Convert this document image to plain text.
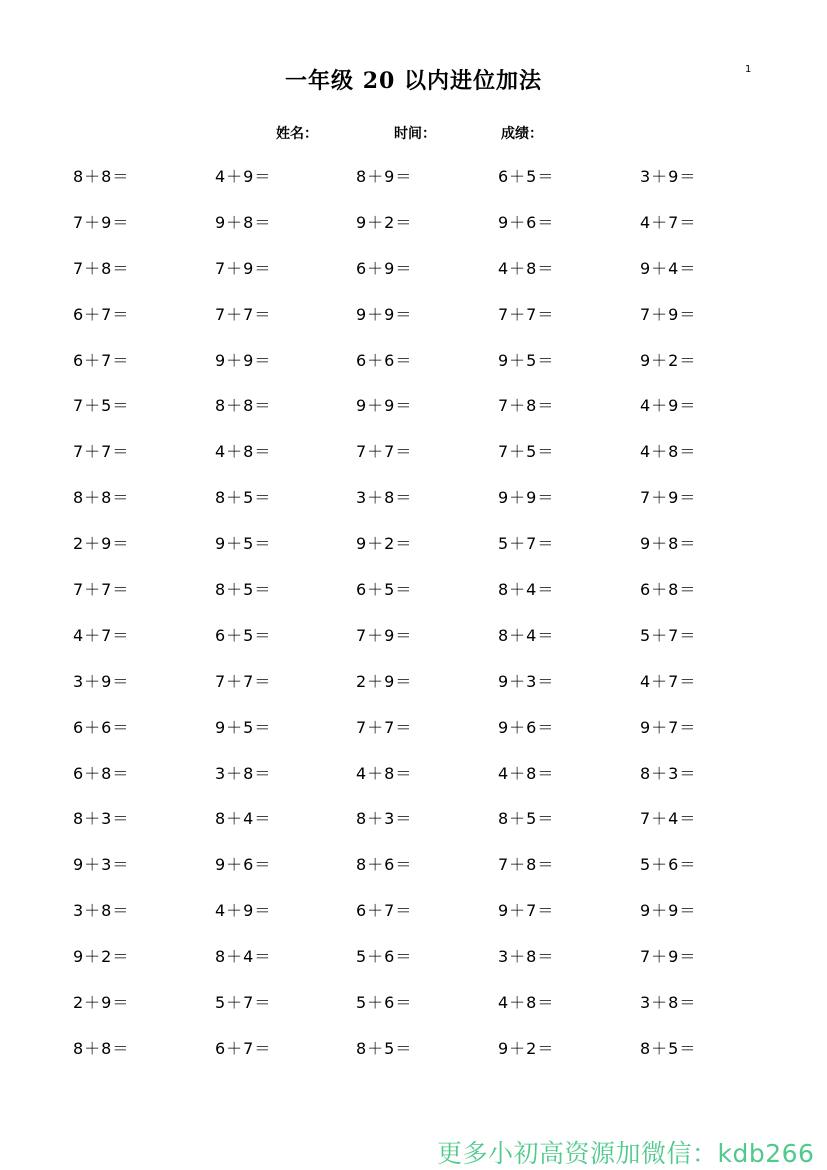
1
一年级 20 以内进位加法
姓名：	时间：	成绩：
8＋8＝	4＋9＝	8＋9＝	6＋5＝	3＋9＝
7＋9＝	9＋8＝	9＋2＝	9＋6＝	4＋7＝
7＋8＝	7＋9＝	6＋9＝	4＋8＝	9＋4＝
6＋7＝	7＋7＝	9＋9＝	7＋7＝	7＋9＝
6＋7＝	9＋9＝	6＋6＝	9＋5＝	9＋2＝
7＋5＝	8＋8＝	9＋9＝	7＋8＝	4＋9＝
7＋7＝	4＋8＝	7＋7＝	7＋5＝	4＋8＝
8＋8＝	8＋5＝	3＋8＝	9＋9＝	7＋9＝
2＋9＝	9＋5＝	9＋2＝	5＋7＝	9＋8＝
7＋7＝	8＋5＝	6＋5＝	8＋4＝	6＋8＝
4＋7＝	6＋5＝	7＋9＝	8＋4＝	5＋7＝
3＋9＝	7＋7＝	2＋9＝	9＋3＝	4＋7＝
6＋6＝	9＋5＝	7＋7＝	9＋6＝	9＋7＝
6＋8＝	3＋8＝	4＋8＝	4＋8＝	8＋3＝
8＋3＝	8＋4＝	8＋3＝	8＋5＝	7＋4＝
9＋3＝	9＋6＝	8＋6＝	7＋8＝	5＋6＝
3＋8＝	4＋9＝	6＋7＝	9＋7＝	9＋9＝
9＋2＝	8＋4＝	5＋6＝	3＋8＝	7＋9＝
2＋9＝	5＋7＝	5＋6＝	4＋8＝	3＋8＝
8＋8＝	6＋7＝	8＋5＝	9＋2＝	8＋5＝
更多小初高资源加微信：kdb266
